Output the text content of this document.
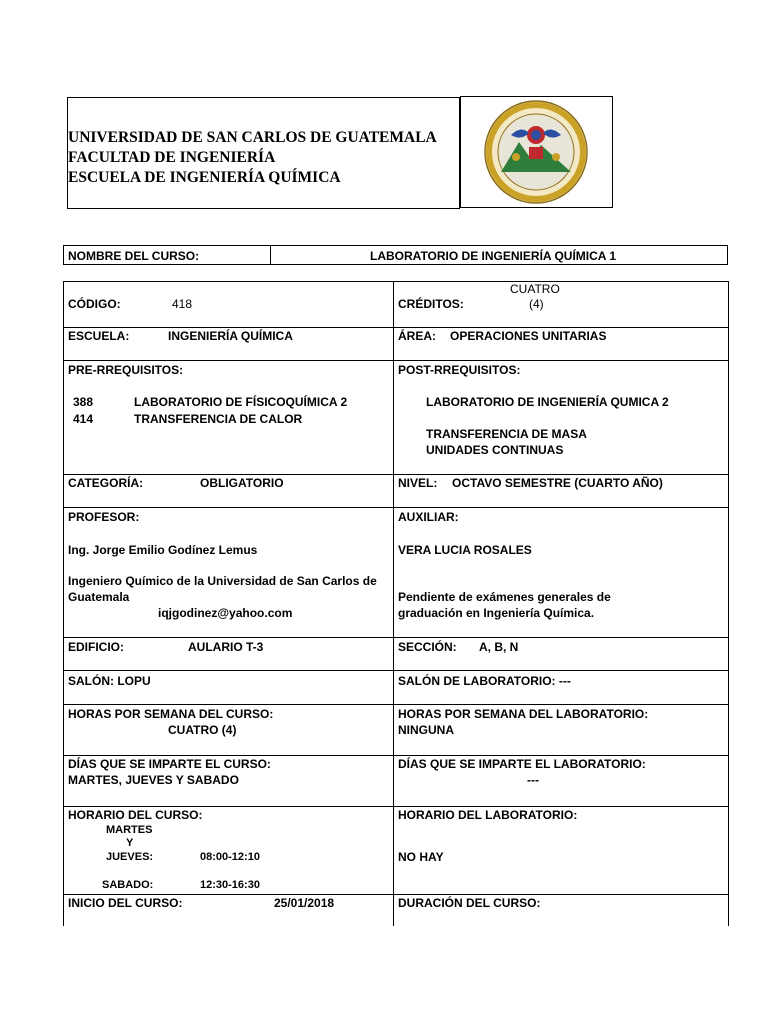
UNIVERSIDAD DE SAN CARLOS DE GUATEMALA
FACULTAD DE INGENIERÍA
ESCUELA DE INGENIERÍA QUÍMICA
NOMBRE DEL CURSO:	LABORATORIO DE INGENIERÍA QUÍMICA 1
CÓDIGO:	418
CUATRO
CRÉDITOS:	(4)
ESCUELA:	INGENIERÍA QUÍMICA	ÁREA: OPERACIONES UNITARIAS
PRE-RREQUISITOS:
388	LABORATORIO DE FÍSICOQUÍMICA 2
414	TRANSFERENCIA DE CALOR
POST-RREQUISITOS:
LABORATORIO DE INGENIERÍA QUMICA 2
TRANSFERENCIA DE MASA
UNIDADES CONTINUAS
CATEGORÍA:	OBLIGATORIO	NIVEL: OCTAVO SEMESTRE (CUARTO AÑO)
PROFESOR:
Ing. Jorge Emilio Godínez Lemus
Ingeniero Químico de la Universidad de San Carlos de
Guatemala
iqjgodinez@yahoo.com
AUXILIAR:
VERA LUCIA ROSALES
Pendiente de exámenes generales de
graduación en Ingeniería Química.
EDIFICIO:	AULARIO T-3	SECCIÓN: A, B, N
SALÓN: LOPU	SALÓN DE LABORATORIO: ---
HORAS POR SEMANA DEL CURSO:
CUATRO (4)
HORAS POR SEMANA DEL LABORATORIO:
NINGUNA
DÍAS QUE SE IMPARTE EL CURSO:
MARTES, JUEVES Y SABADO
DÍAS QUE SE IMPARTE EL LABORATORIO:
---
HORARIO DEL CURSO:
MARTES
Y
JUEVES:	08:00-12:10
SABADO:	12:30-16:30
HORARIO DEL LABORATORIO:
NO HAY
INICIO DEL CURSO:	25/01/2018	DURACIÓN DEL CURSO:
